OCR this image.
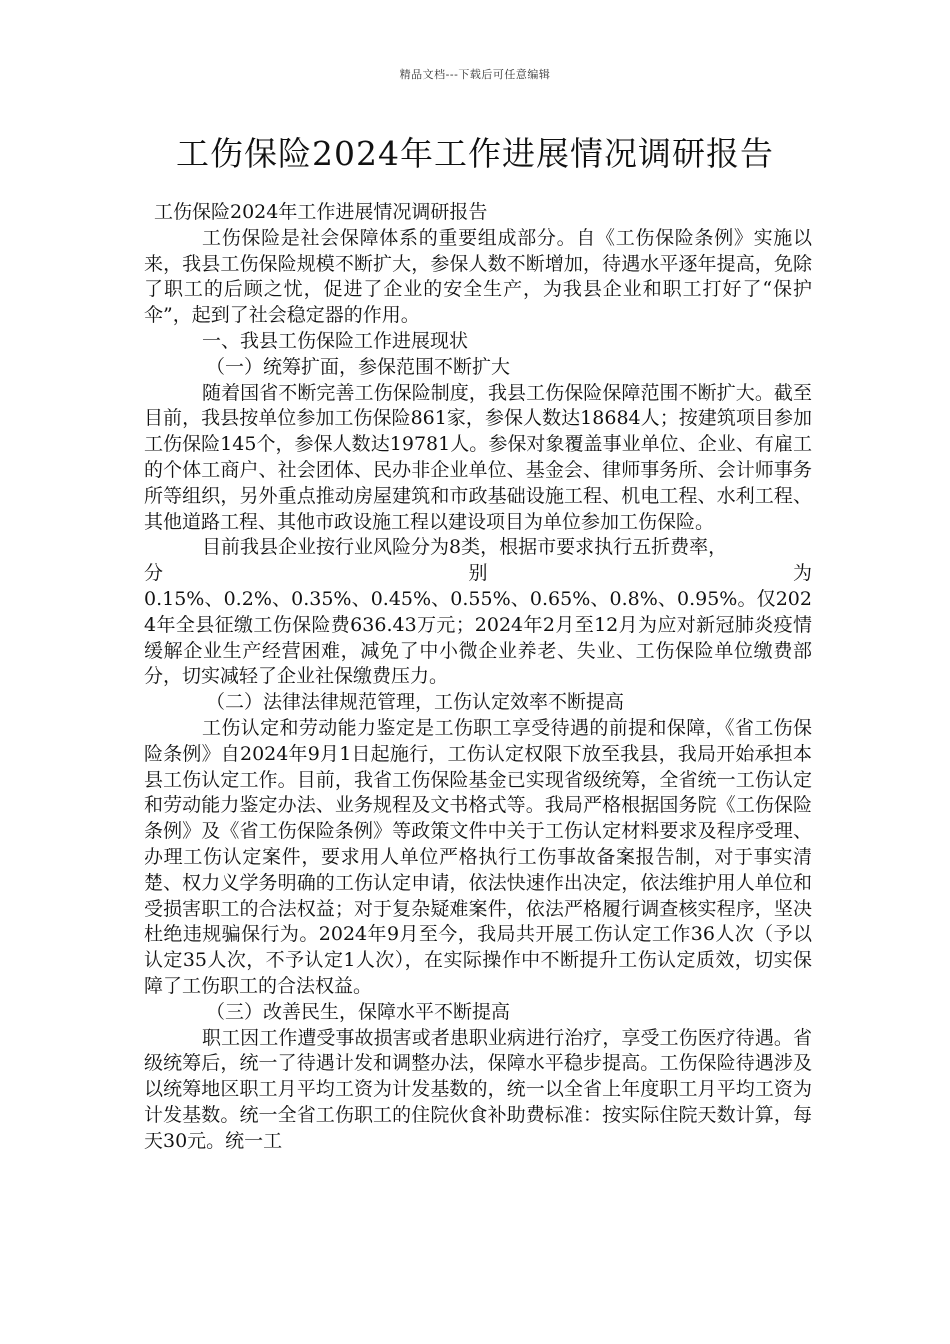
精品文档---下载后可任意编辑
工伤保险2024年工作进展情况调研报告

工伤保险2024年工作进展情况调研报告

工伤保险是社会保障体系的重要组成部分。自《工伤保险条例》实施以来，我县工伤保险规模不断扩大，参保人数不断增加，待遇水平逐年提高，免除了职工的后顾之忧，促进了企业的安全生产，为我县企业和职工打好了“保护伞”，起到了社会稳定器的作用。

一、我县工伤保险工作进展现状

（一）统筹扩面，参保范围不断扩大

随着国省不断完善工伤保险制度，我县工伤保险保障范围不断扩大。截至目前，我县按单位参加工伤保险861家，参保人数达18684人；按建筑项目参加工伤保险145个，参保人数达19781人。参保对象覆盖事业单位、企业、有雇工的个体工商户、社会团体、民办非企业单位、基金会、律师事务所、会计师事务所等组织，另外重点推动房屋建筑和市政基础设施工程、机电工程、水利工程、其他道路工程、其他市政设施工程以建设项目为单位参加工伤保险。

目前我县企业按行业风险分为8类，根据市要求执行五折费率，

分 别 为

0.15%、0.2%、0.35%、0.45%、0.55%、0.65%、0.8%、0.95%。仅2024年全县征缴工伤保险费636.43万元；2024年2月至12月为应对新冠肺炎疫情缓解企业生产经营困难，减免了中小微企业养老、失业、工伤保险单位缴费部分，切实减轻了企业社保缴费压力。

（二）法律法律规范管理，工伤认定效率不断提高

工伤认定和劳动能力鉴定是工伤职工享受待遇的前提和保障，《省工伤保险条例》自2024年9月1日起施行，工伤认定权限下放至我县，我局开始承担本县工伤认定工作。目前，我省工伤保险基金已实现省级统筹，全省统一工伤认定和劳动能力鉴定办法、业务规程及文书格式等。我局严格根据国务院《工伤保险条例》及《省工伤保险条例》等政策文件中关于工伤认定材料要求及程序受理、办理工伤认定案件，要求用人单位严格执行工伤事故备案报告制，对于事实清楚、权力义学务明确的工伤认定申请，依法快速作出决定，依法维护用人单位和受损害职工的合法权益；对于复杂疑难案件，依法严格履行调查核实程序，坚决杜绝违规骗保行为。2024年9月至今，我局共开展工伤认定工作36人次（予以认定35人次，不予认定1人次），在实际操作中不断提升工伤认定质效，切实保障了工伤职工的合法权益。

（三）改善民生，保障水平不断提高

职工因工作遭受事故损害或者患职业病进行治疗，享受工伤医疗待遇。省级统筹后，统一了待遇计发和调整办法，保障水平稳步提高。工伤保险待遇涉及以统筹地区职工月平均工资为计发基数的，统一以全省上年度职工月平均工资为计发基数。统一全省工伤职工的住院伙食补助费标准：按实际住院天数计算，每天30元。统一工
